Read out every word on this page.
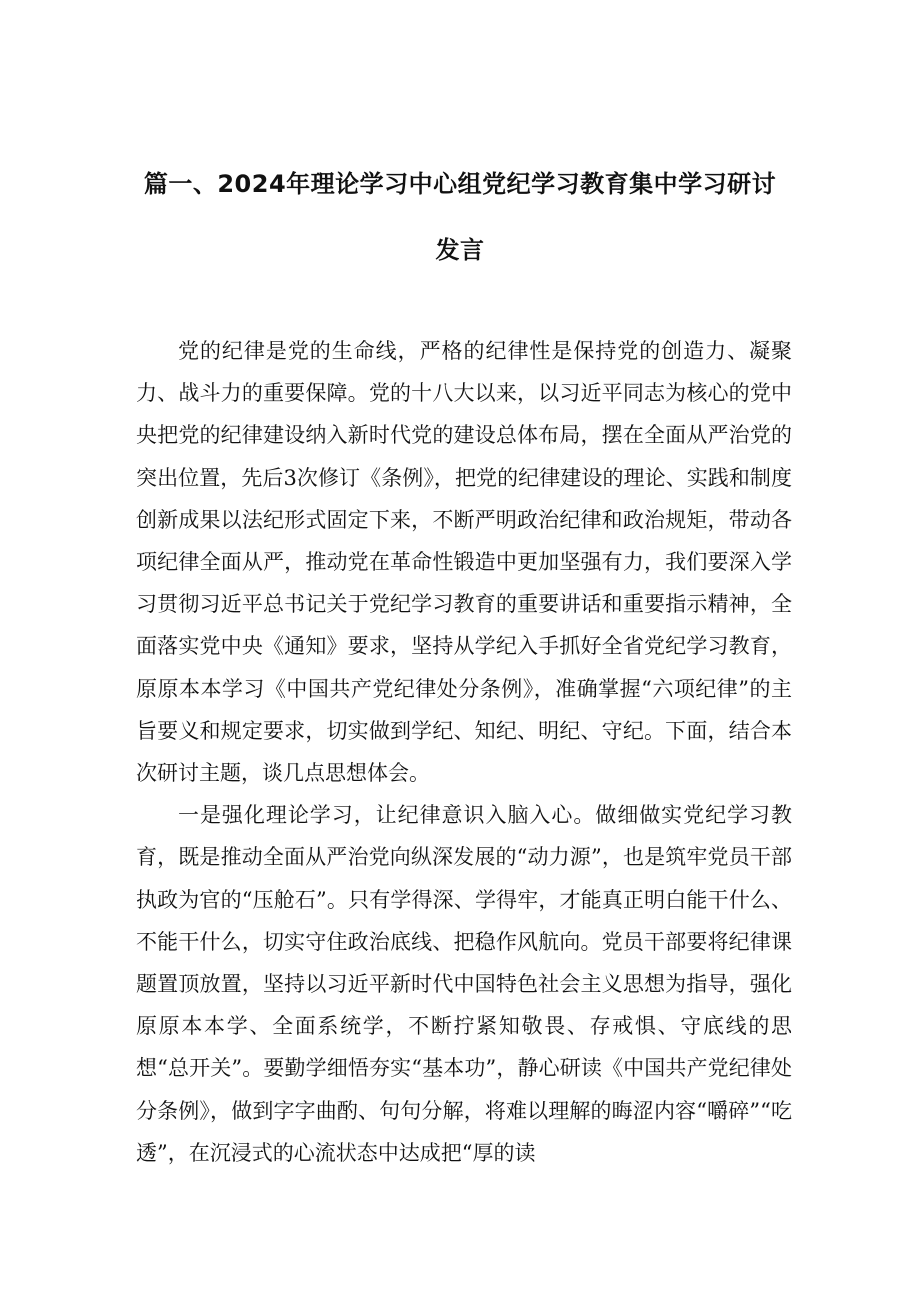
篇一、2024年理论学习中心组党纪学习教育集中学习研讨
发言

党的纪律是党的生命线，严格的纪律性是保持党的创造力、凝聚力、战斗力的重要保障。党的十八大以来，以习近平同志为核心的党中央把党的纪律建设纳入新时代党的建设总体布局，摆在全面从严治党的突出位置，先后3次修订《条例》，把党的纪律建设的理论、实践和制度创新成果以法纪形式固定下来，不断严明政治纪律和政治规矩，带动各项纪律全面从严，推动党在革命性锻造中更加坚强有力，我们要深入学习贯彻习近平总书记关于党纪学习教育的重要讲话和重要指示精神，全面落实党中央《通知》要求，坚持从学纪入手抓好全省党纪学习教育，原原本本学习《中国共产党纪律处分条例》，准确掌握“六项纪律”的主旨要义和规定要求，切实做到学纪、知纪、明纪、守纪。下面，结合本次研讨主题，谈几点思想体会。

一是强化理论学习，让纪律意识入脑入心。做细做实党纪学习教育，既是推动全面从严治党向纵深发展的“动力源”，也是筑牢党员干部执政为官的“压舱石”。只有学得深、学得牢，才能真正明白能干什么、不能干什么，切实守住政治底线、把稳作风航向。党员干部要将纪律课题置顶放置，坚持以习近平新时代中国特色社会主义思想为指导，强化原原本本学、全面系统学，不断拧紧知敬畏、存戒惧、守底线的思想“总开关”。要勤学细悟夯实“基本功”，静心研读《中国共产党纪律处分条例》，做到字字曲酌、句句分解，将难以理解的晦涩内容“嚼碎”“吃透”，在沉浸式的心流状态中达成把“厚的读
